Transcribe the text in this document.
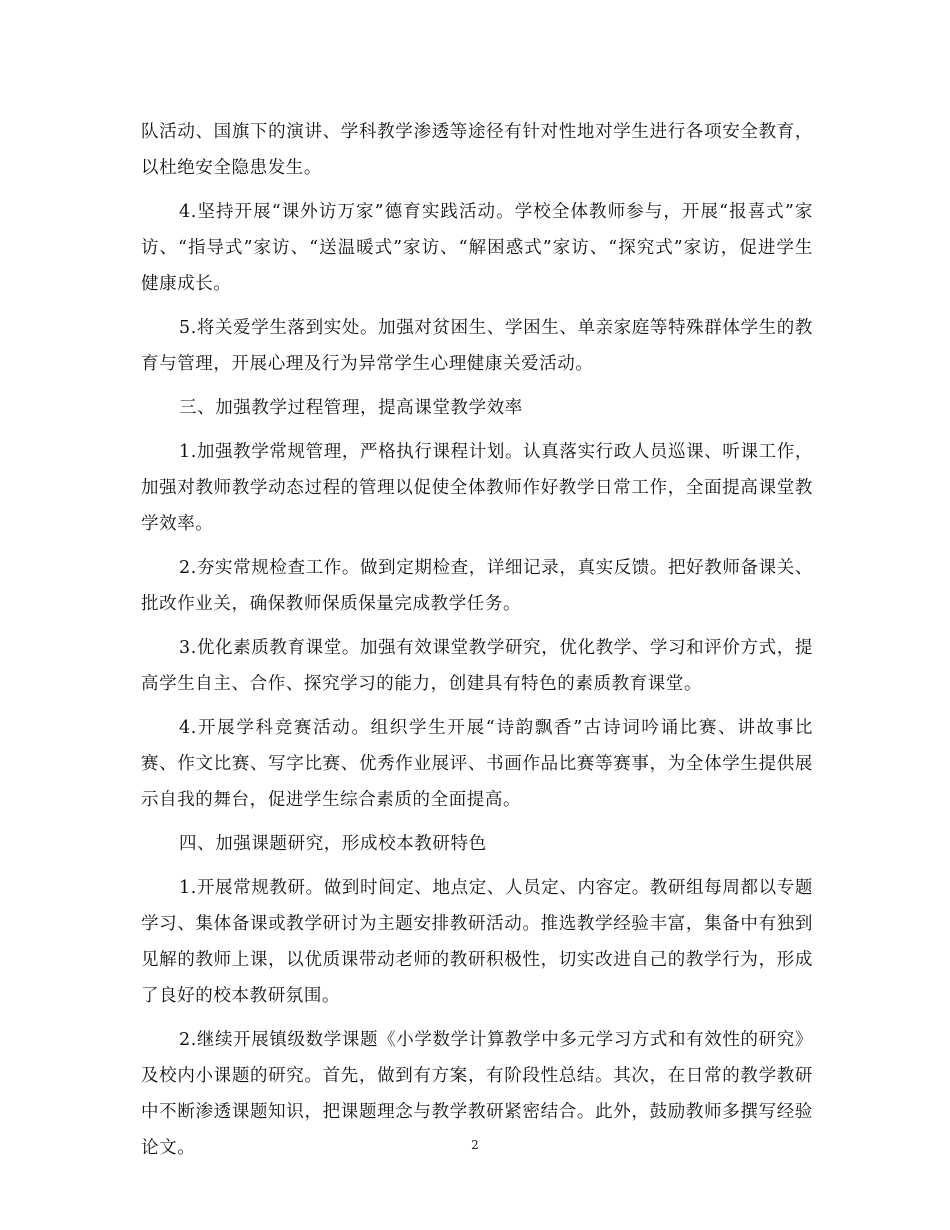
队活动、国旗下的演讲、学科教学渗透等途径有针对性地对学生进行各项安全教育，以杜绝安全隐患发生。

4.坚持开展“课外访万家”德育实践活动。学校全体教师参与，开展“报喜式”家访、“指导式”家访、“送温暖式”家访、“解困惑式”家访、“探究式”家访，促进学生健康成长。

5.将关爱学生落到实处。加强对贫困生、学困生、单亲家庭等特殊群体学生的教育与管理，开展心理及行为异常学生心理健康关爱活动。

三、加强教学过程管理，提高课堂教学效率

1.加强教学常规管理，严格执行课程计划。认真落实行政人员巡课、听课工作，加强对教师教学动态过程的管理以促使全体教师作好教学日常工作，全面提高课堂教学效率。

2.夯实常规检查工作。做到定期检查，详细记录，真实反馈。把好教师备课关、批改作业关，确保教师保质保量完成教学任务。

3.优化素质教育课堂。加强有效课堂教学研究，优化教学、学习和评价方式，提高学生自主、合作、探究学习的能力，创建具有特色的素质教育课堂。

4.开展学科竞赛活动。组织学生开展“诗韵飘香”古诗词吟诵比赛、讲故事比赛、作文比赛、写字比赛、优秀作业展评、书画作品比赛等赛事，为全体学生提供展示自我的舞台，促进学生综合素质的全面提高。

四、加强课题研究，形成校本教研特色

1.开展常规教研。做到时间定、地点定、人员定、内容定。教研组每周都以专题学习、集体备课或教学研讨为主题安排教研活动。推选教学经验丰富，集备中有独到见解的教师上课，以优质课带动老师的教研积极性，切实改进自己的教学行为，形成了良好的校本教研氛围。

2.继续开展镇级数学课题《小学数学计算教学中多元学习方式和有效性的研究》及校内小课题的研究。首先，做到有方案，有阶段性总结。其次，在日常的教学教研中不断渗透课题知识，把课题理念与教学教研紧密结合。此外，鼓励教师多撰写经验论文。	2
